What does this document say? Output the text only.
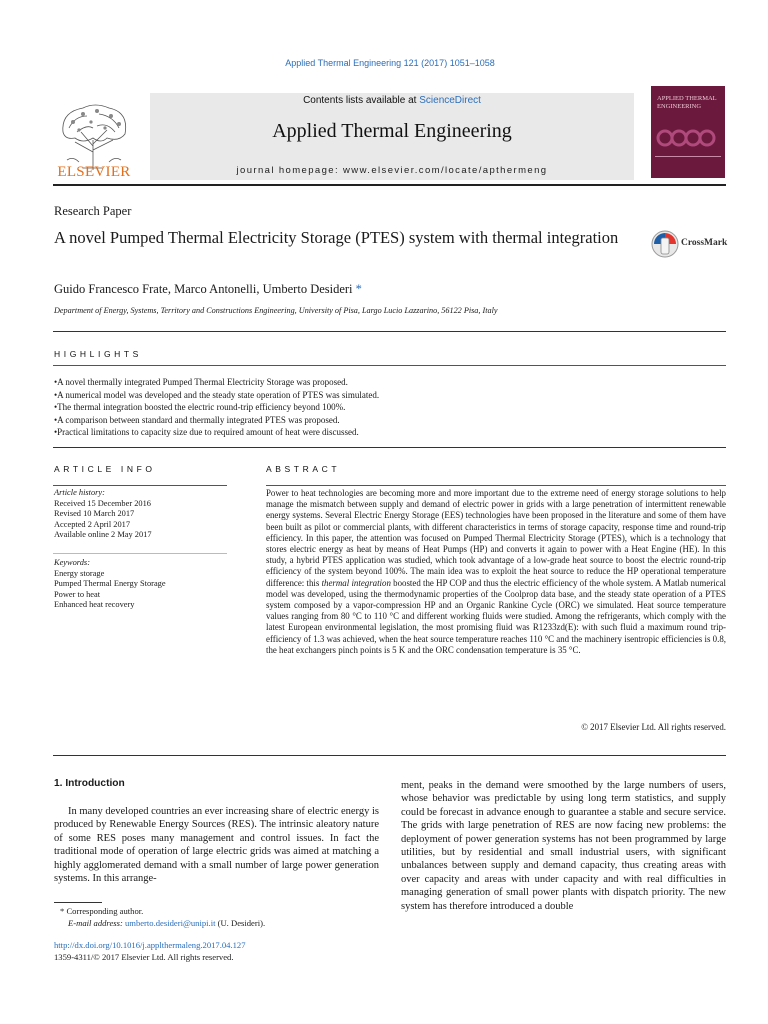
Applied Thermal Engineering 121 (2017) 1051–1058
ELSEVIER
Contents lists available at ScienceDirect
Applied Thermal Engineering
journal homepage: www.elsevier.com/locate/apthermeng
APPLIED THERMAL ENGINEERING
Research Paper
A novel Pumped Thermal Electricity Storage (PTES) system with thermal integration	CrossMark
Guido Francesco Frate, Marco Antonelli, Umberto Desideri *
Department of Energy, Systems, Territory and Constructions Engineering, University of Pisa, Largo Lucio Lazzarino, 56122 Pisa, Italy
HIGHLIGHTS
• A novel thermally integrated Pumped Thermal Electricity Storage was proposed.
• A numerical model was developed and the steady state operation of PTES was simulated.
• The thermal integration boosted the electric round-trip efficiency beyond 100%.
• A comparison between standard and thermally integrated PTES was proposed.
• Practical limitations to capacity size due to required amount of heat were discussed.
ARTICLE INFO	ABSTRACT
Article history:
Received 15 December 2016
Revised 10 March 2017
Accepted 2 April 2017
Available online 2 May 2017
Keywords:
Energy storage
Pumped Thermal Energy Storage
Power to heat
Enhanced heat recovery
Power to heat technologies are becoming more and more important due to the extreme need of energy storage solutions to help manage the mismatch between supply and demand of electric power in grids with a large penetration of intermittent renewable energy systems. Several Electric Energy Storage (EES) technologies have been proposed in the literature and some of them have been built as pilot or commercial plants, with different characteristics in terms of storage capacity, response time and round-trip efficiency. In this paper, the attention was focused on Pumped Thermal Electricity Storage (PTES), which is a technology that stores electric energy as heat by means of Heat Pumps (HP) and converts it again to power with a Heat Engine (HE). In this study, a hybrid PTES application was studied, which took advantage of a low-grade heat source to boost the electric round-trip efficiency of the system beyond 100%. The main idea was to exploit the heat source to reduce the HP operational temperature difference: this thermal integration boosted the HP COP and thus the electric efficiency of the whole system. A Matlab numerical model was developed, using the thermodynamic properties of the Coolprop data base, and the steady state operation of a PTES system composed by a vapor-compression HP and an Organic Rankine Cycle (ORC) we simulated. Heat source temperature values ranging from 80 °C to 110 °C and different working fluids were studied. Among the refrigerants, which comply with the latest European environmental legislation, the most promising fluid was R1233zd(E): with such fluid a maximum round trip-efficiency of 1.3 was achieved, when the heat source temperature reaches 110 °C and the machinery isentropic efficiencies is 0.8, the heat exchangers pinch points is 5 K and the ORC condensation temperature is 35 °C.
© 2017 Elsevier Ltd. All rights reserved.
1. Introduction
In many developed countries an ever increasing share of electric energy is produced by Renewable Energy Sources (RES). The intrinsic aleatory nature of some RES poses many management and control issues. In fact the traditional mode of operation of large electric grids was aimed at matching a highly agglomerated demand with a small number of large power generation systems. In this arrange-
ment, peaks in the demand were smoothed by the large numbers of users, whose behavior was predictable by using long term statistics, and supply could be forecast in advance enough to guarantee a stable and secure service. The grids with large penetration of RES are now facing new problems: the deployment of power generation systems has not been programmed by large utilities, but by residential and small industrial users, with significant unbalances between supply and demand capacity, thus creating areas with over capacity and areas with under capacity and with real difficulties in managing generation of small power plants with dispatch priority. The new system has therefore introduced a double
* Corresponding author.
E-mail address: umberto.desideri@unipi.it (U. Desideri).
http://dx.doi.org/10.1016/j.applthermaleng.2017.04.127
1359-4311/© 2017 Elsevier Ltd. All rights reserved.
